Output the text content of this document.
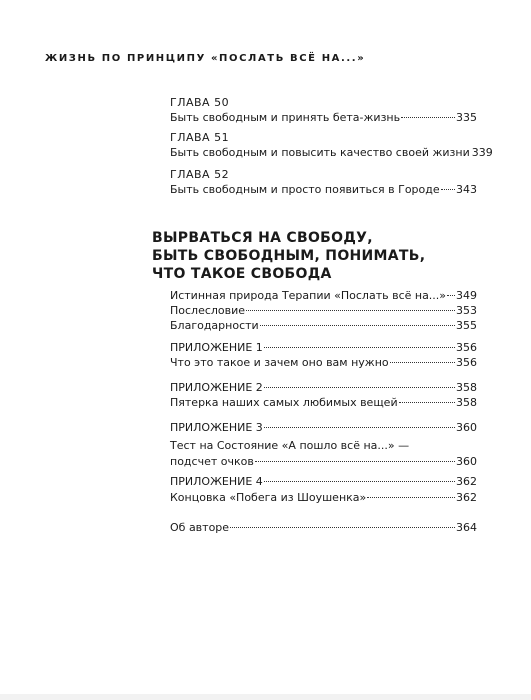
ЖИЗНЬ ПО ПРИНЦИПУ «ПОСЛАТЬ ВСЁ НА...»
ГЛАВА 50
Быть свободным и принять бета-жизнь	335
ГЛАВА 51
Быть свободным и повысить качество своей жизни 339
ГЛАВА 52
Быть свободным и просто появиться в Городе 343
ВЫРВАТЬСЯ НА СВОБОДУ,
БЫТЬ СВОБОДНЫМ, ПОНИМАТЬ,
ЧТО ТАКОЕ СВОБОДА
Истинная природа Терапии «Послать всё на...» 349
Послесловие	353
Благодарности	355
ПРИЛОЖЕНИЕ 1	356
Что это такое и зачем оно вам нужно	356
ПРИЛОЖЕНИЕ 2	358
Пятерка наших самых любимых вещей	358
ПРИЛОЖЕНИЕ 3	360
Тест на Состояние «А пошло всё на...» —
подсчет очков	360
ПРИЛОЖЕНИЕ 4	362
Концовка «Побега из Шоушенка»	362
Об авторе	364
